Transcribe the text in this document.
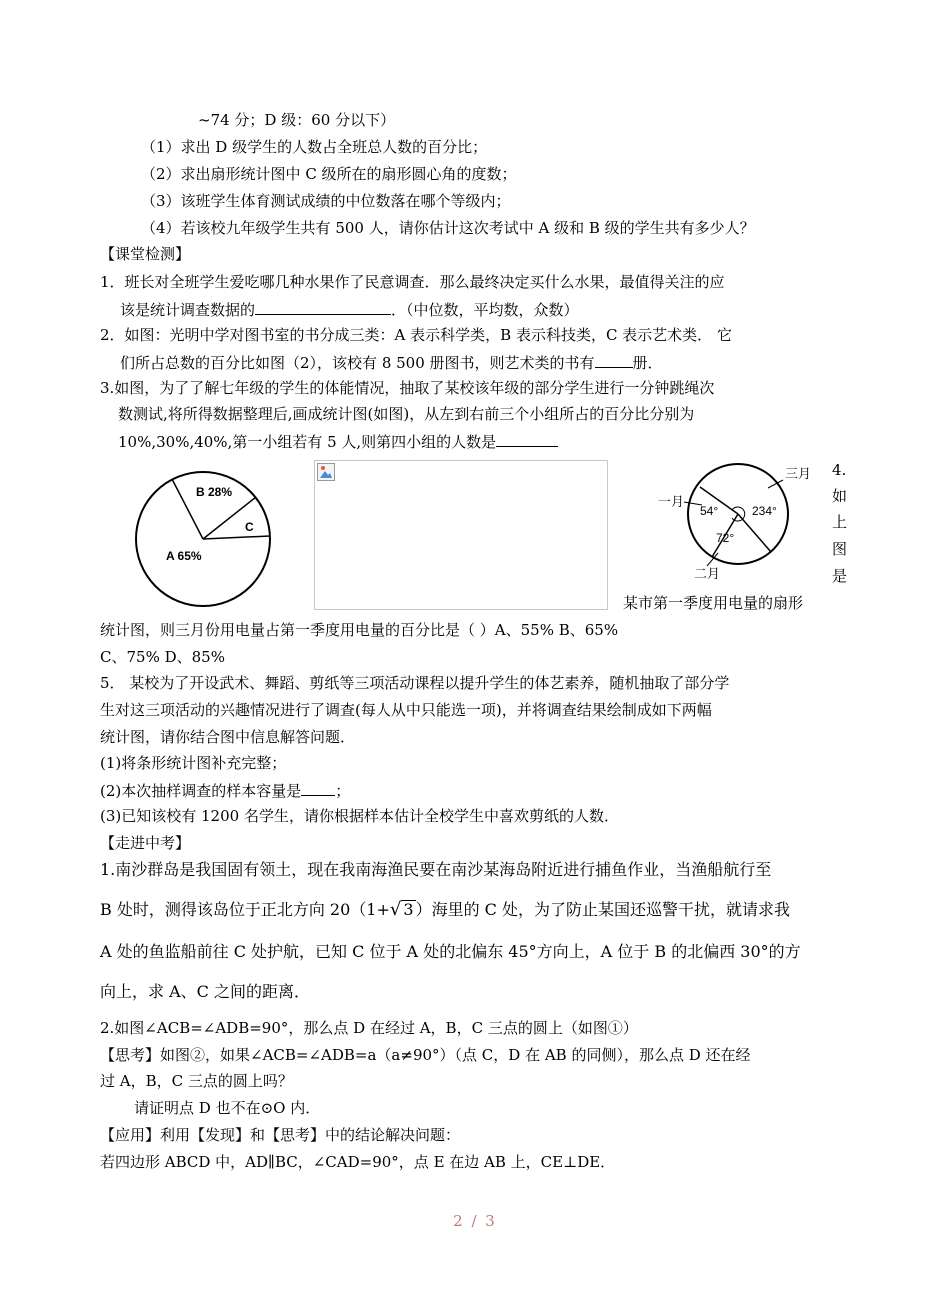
~74 分；D 级：60 分以下）
（1）求出 D 级学生的人数占全班总人数的百分比；
（2）求出扇形统计图中 C 级所在的扇形圆心角的度数；
（3）该班学生体育测试成绩的中位数落在哪个等级内；
（4）若该校九年级学生共有 500 人，请你估计这次考试中 A 级和 B 级的学生共有多少人？
【课堂检测】
1．班长对全班学生爱吃哪几种水果作了民意调查．那么最终决定买什么水果，最值得关注的应
该是统计调查数据的	．（中位数，平均数，众数）
2．如图：光明中学对图书室的书分成三类：A 表示科学类，B 表示科技类，C 表示艺术类． 它
们所占总数的百分比如图（2），该校有 8 500 册图书，则艺术类的书有	册．
3.如图，为了了解七年级的学生的体能情况，抽取了某校该年级的部分学生进行一分钟跳绳次
数测试,将所得数据整理后,画成统计图(如图)，从左到右前三个小组所占的百分比分别为
10%,30%,40%,第一小组若有 5 人,则第四小组的人数是
B 28%
C
A 65%
一月
二月
三月
54°	234°
72°
4.
如
上
图
是
某市第一季度用电量的扇形
统计图，则三月份用电量占第一季度用电量的百分比是（ ）A、55% B、65%
C、75% D、85%
5． 某校为了开设武术、舞蹈、剪纸等三项活动课程以提升学生的体艺素养，随机抽取了部分学
生对这三项活动的兴趣情况进行了调查(每人从中只能选一项)，并将调查结果绘制成如下两幅
统计图，请你结合图中信息解答问题．
(1)将条形统计图补充完整；
(2)本次抽样调查的样本容量是 ；
(3)已知该校有 1200 名学生，请你根据样本估计全校学生中喜欢剪纸的人数．
【走进中考】
1.南沙群岛是我国固有领土，现在我南海渔民要在南沙某海岛附近进行捕鱼作业，当渔船航行至
B 处时，测得该岛位于正北方向 20（1+√ 3 ）海里的 C 处，为了防止某国还巡警干扰，就请求我
A 处的鱼监船前往 C 处护航，已知 C 位于 A 处的北偏东 45°方向上，A 位于 B 的北偏西 30°的方
向上，求 A、C 之间的距离．
2.如图∠ACB=∠ADB=90°，那么点 D 在经过 A，B，C 三点的圆上（如图①）
【思考】如图②，如果∠ACB=∠ADB=a（a≠90°）（点 C，D 在 AB 的同侧），那么点 D 还在经
过 A，B，C 三点的圆上吗？
请证明点 D 也不在⊙O 内．
【应用】利用【发现】和【思考】中的结论解决问题：
若四边形 ABCD 中，AD∥BC，∠CAD=90°，点 E 在边 AB 上，CE⊥DE．
2 / 3
